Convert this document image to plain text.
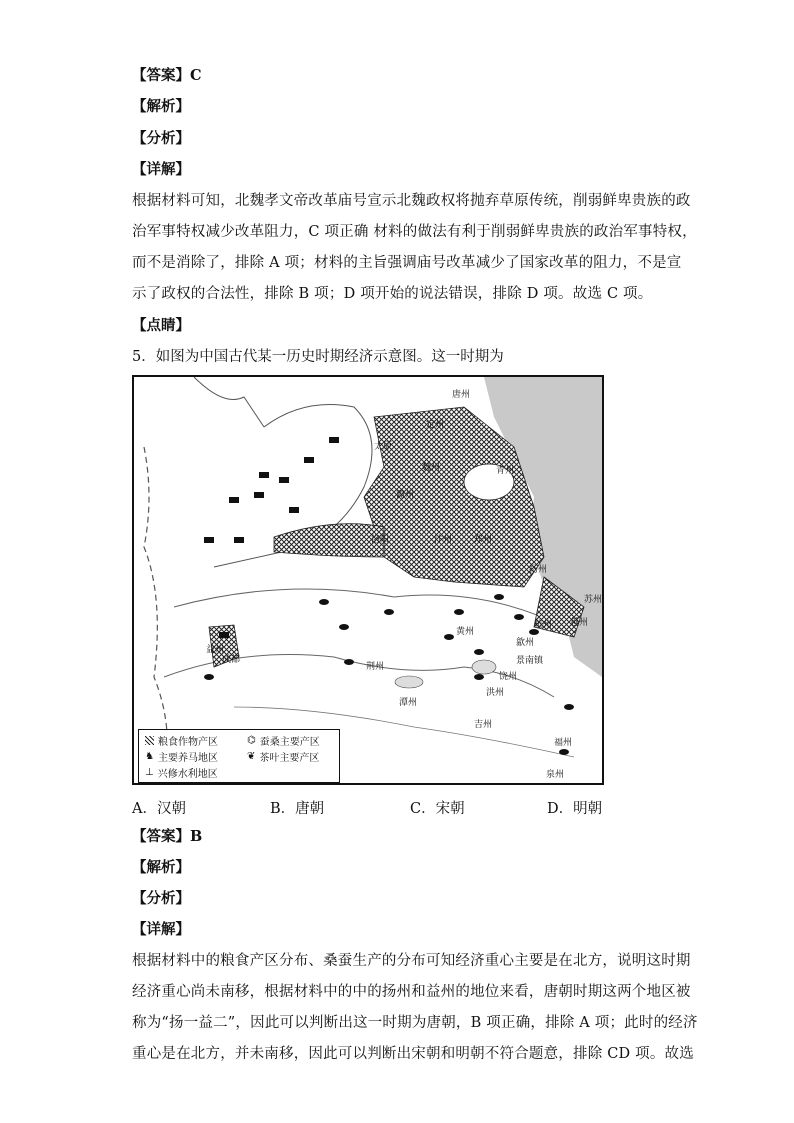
【答案】C
【解析】
【分析】
【详解】
根据材料可知，北魏孝文帝改革庙号宣示北魏政权将抛弃草原传统，削弱鲜卑贵族的政
治军事特权减少改革阻力，C 项正确 材料的做法有利于削弱鲜卑贵族的政治军事特权，
而不是消除了，排除 A 项；材料的主旨强调庙号改革减少了国家改革的阻力，不是宣
示了政权的合法性，排除 B 项；D 项开始的说法错误，排除 D 项。故选 C 项。
【点睛】
5．如图为中国古代某一历史时期经济示意图。这一时期为
唐州
定州
太原
魏州	青州
潞州
洛阳	汴州 郑州
扬州
苏州
越州
杭州
歙州
益州
成都
荆州
潭州
洪州
饶州
景南镇
吉州
福州
泉州
黄州
粮食作物产区	⌬ 蚕桑主要产区
♞ 主要养马地区	❦ 茶叶主要产区
⊥ 兴修水利地区
A．汉朝	B．唐朝	C．宋朝	D．明朝
【答案】B
【解析】
【分析】
【详解】
根据材料中的粮食产区分布、桑蚕生产的分布可知经济重心主要是在北方，说明这时期
经济重心尚未南移，根据材料中的中的扬州和益州的地位来看，唐朝时期这两个地区被
称为“扬一益二”，因此可以判断出这一时期为唐朝，B 项正确，排除 A 项；此时的经济
重心是在北方，并未南移，因此可以判断出宋朝和明朝不符合题意，排除 CD 项。故选
